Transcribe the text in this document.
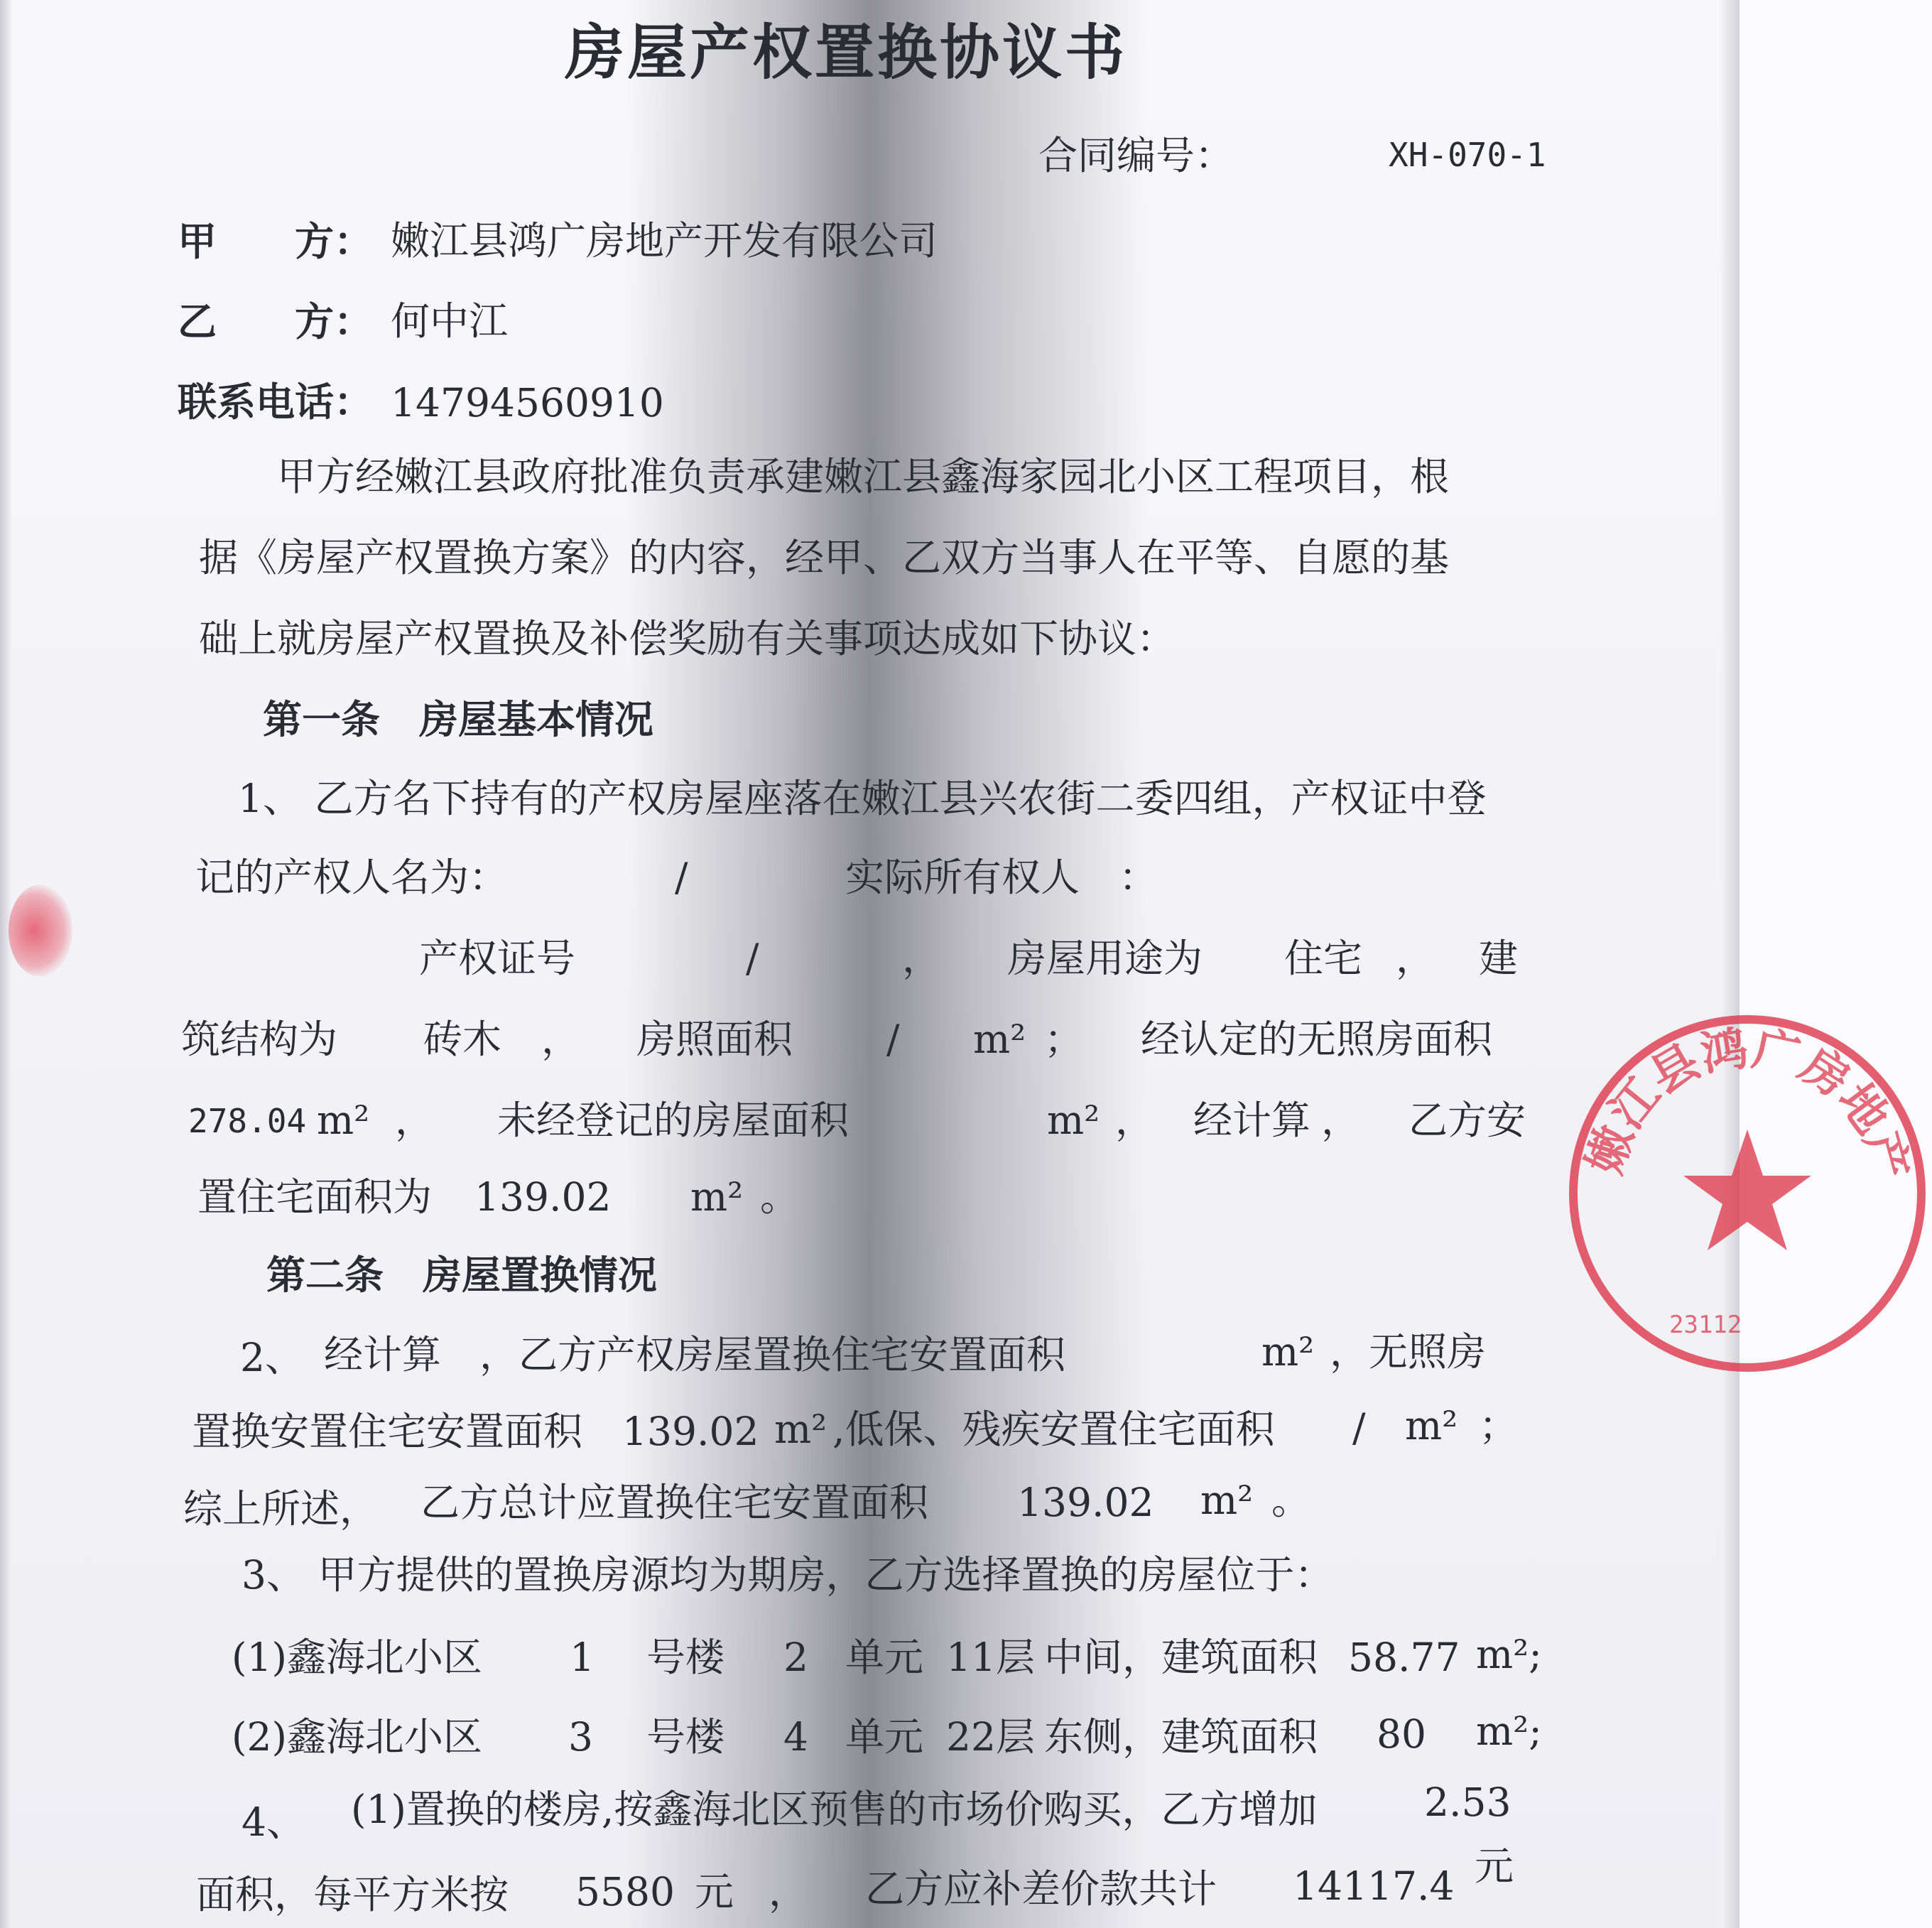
房屋产权置换协议书
合同编号：	XH-070-1
甲　　方： 嫩江县鸿广房地产开发有限公司
乙　　方： 何中江
联系电话： 14794560910
甲方经嫩江县政府批准负责承建嫩江县鑫海家园北小区工程项目，根
据《房屋产权置换方案》的内容，经甲、乙双方当事人在平等、自愿的基
础上就房屋产权置换及补偿奖励有关事项达成如下协议：
第一条　房屋基本情况
1、 乙方名下持有的产权房屋座落在嫩江县兴农街二委四组，产权证中登
记的产权人名为：	/	实际所有权人　：
产权证号	/	， 房屋用途为 住宅 ， 建
筑结构为 砖木 ， 房照面积 / m² ； 经认定的无照房面积
278.04 m² ， 未经登记的房屋面积	m² ， 经计算 ， 乙方安
置住宅面积为 139.02 m² 。
第二条　房屋置换情况
2、 经计算 ，乙方产权房屋置换住宅安置面积	m² ，无照房
置换安置住宅安置面积 139.02 m² ,低保、残疾安置住宅面积 / m² ；
综上所述， 乙方总计应置换住宅安置面积 139.02 m² 。
3、 甲方提供的置换房源均为期房，乙方选择置换的房屋位于：
(1)鑫海北小区 1 号楼 2 单元 11层 中间，建筑面积 58.77 m²;
(2)鑫海北小区 3 号楼 4 单元 22层 东侧，建筑面积 80 m²;
4、 (1)置换的楼房,按鑫海北区预售的市场价购买，乙方增加	2.53
面积，每平方米按 5580 元 ， 乙方应补差价款共计 14117.4 元
嫩江县鸿广房地产
23112
